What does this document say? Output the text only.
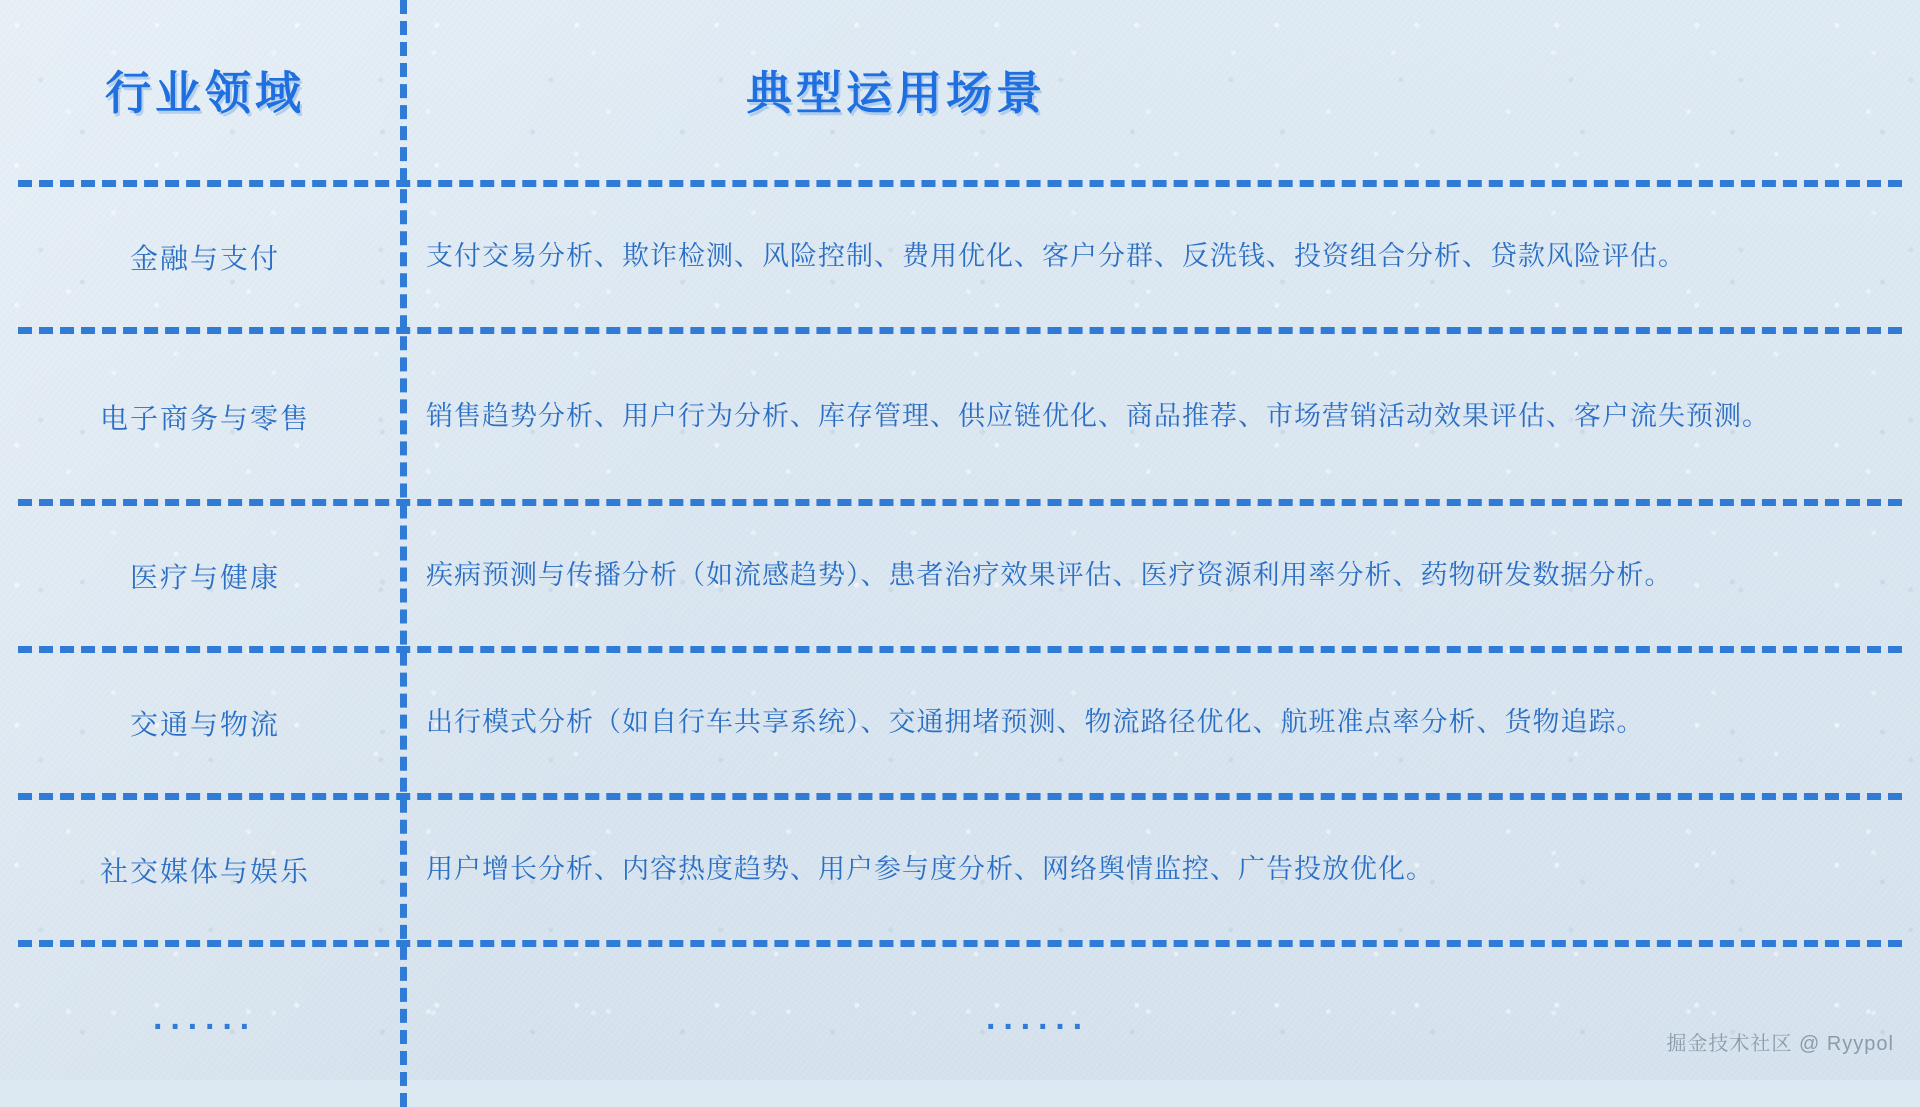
行业领域	典型运用场景
金融与支付	支付交易分析、欺诈检测、风险控制、费用优化、客户分群、反洗钱、投资组合分析、贷款风险评估。
电子商务与零售	销售趋势分析、用户行为分析、库存管理、供应链优化、商品推荐、市场营销活动效果评估、客户流失预测。
医疗与健康	疾病预测与传播分析（如流感趋势）、患者治疗效果评估、医疗资源利用率分析、药物研发数据分析。
交通与物流	出行模式分析（如自行车共享系统）、交通拥堵预测、物流路径优化、航班准点率分析、货物追踪。
社交媒体与娱乐	用户增长分析、内容热度趋势、用户参与度分析、网络舆情监控、广告投放优化。
······	······	掘金技术社区 @ Ryypol
